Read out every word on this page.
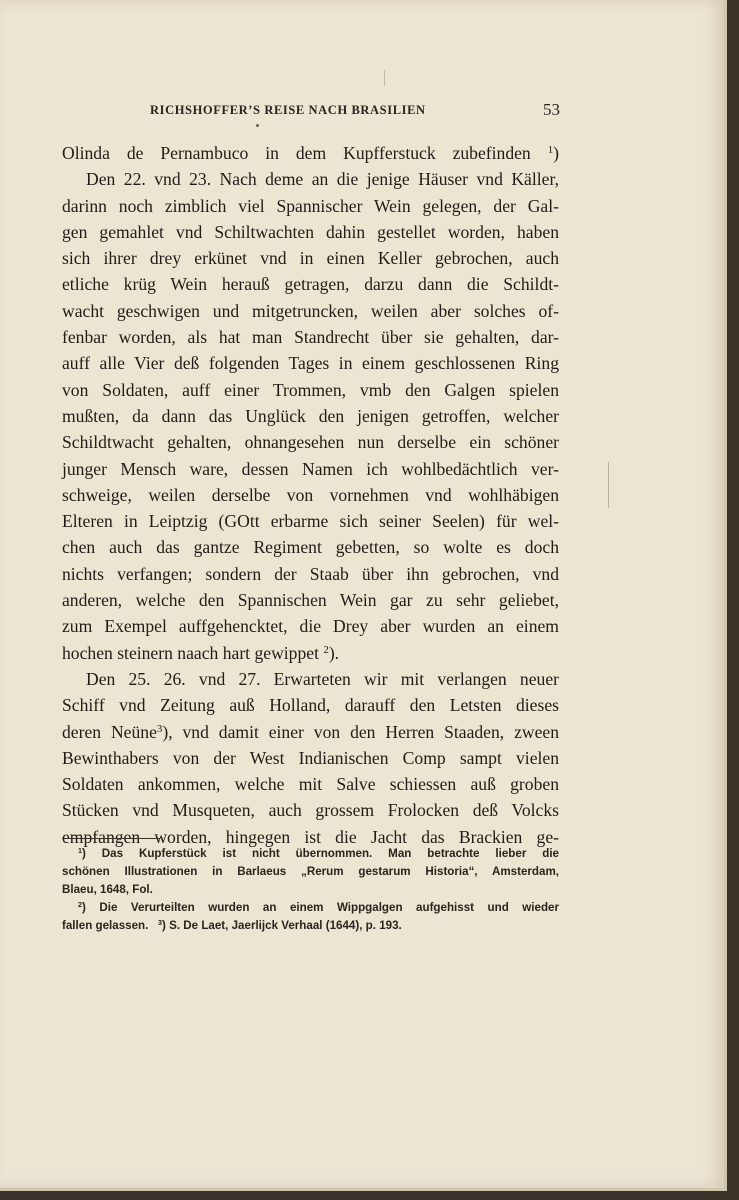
RICHSHOFFER’S REISE NACH BRASILIEN	53
Olinda de Pernambuco in dem Kupfferstuck zubefinden $^1$)
Den 22. vnd 23. Nach deme an die jenige Häuser vnd Käller,
darinn noch zimblich viel Spannischer Wein gelegen, der Gal-
gen gemahlet vnd Schiltwachten dahin gestellet worden, haben
sich ihrer drey erkünet vnd in einen Keller gebrochen, auch
etliche krüg Wein herauß getragen, darzu dann die Schildt-
wacht geschwigen und mitgetruncken, weilen aber solches of-
fenbar worden, als hat man Standrecht über sie gehalten, dar-
auff alle Vier deß folgenden Tages in einem geschlossenen Ring
von Soldaten, auff einer Trommen, vmb den Galgen spielen
mußten, da dann das Unglück den jenigen getroffen, welcher
Schildtwacht gehalten, ohnangesehen nun derselbe ein schöner
junger Mensch ware, dessen Namen ich wohlbedächtlich ver-
schweige, weilen derselbe von vornehmen vnd wohlhäbigen
Elteren in Leiptzig (GOtt erbarme sich seiner Seelen) für wel-
chen auch das gantze Regiment gebetten, so wolte es doch
nichts verfangen; sondern der Staab über ihn gebrochen, vnd
anderen, welche den Spannischen Wein gar zu sehr geliebet,
zum Exempel auffgehencktet, die Drey aber wurden an einem
hochen steinern naach hart gewippet $^2$).
Den 25. 26. vnd 27. Erwarteten wir mit verlangen neuer
Schiff vnd Zeitung auß Holland, darauff den Letsten dieses
deren Neüne$^3$), vnd damit einer von den Herren Staaden, zween
Bewinthabers von der West Indianischen Comp sampt vielen
Soldaten ankommen, welche mit Salve schiessen auß groben
Stücken vnd Musqueten, auch grossem Frolocken deß Volcks
empfangen worden, hingegen ist die Jacht das Brackien ge-
$^1$) Das Kupferstück ist nicht übernommen. Man betrachte lieber die
schönen Illustrationen in Barlaeus „Rerum gestarum Historia“, Amsterdam,
Blaeu, 1648, Fol.
$^2$) Die Verurteilten wurden an einem Wippgalgen aufgehisst und wieder
fallen gelassen. $^3$) S. De Laet, Jaerlijck Verhaal (1644), p. 193.
